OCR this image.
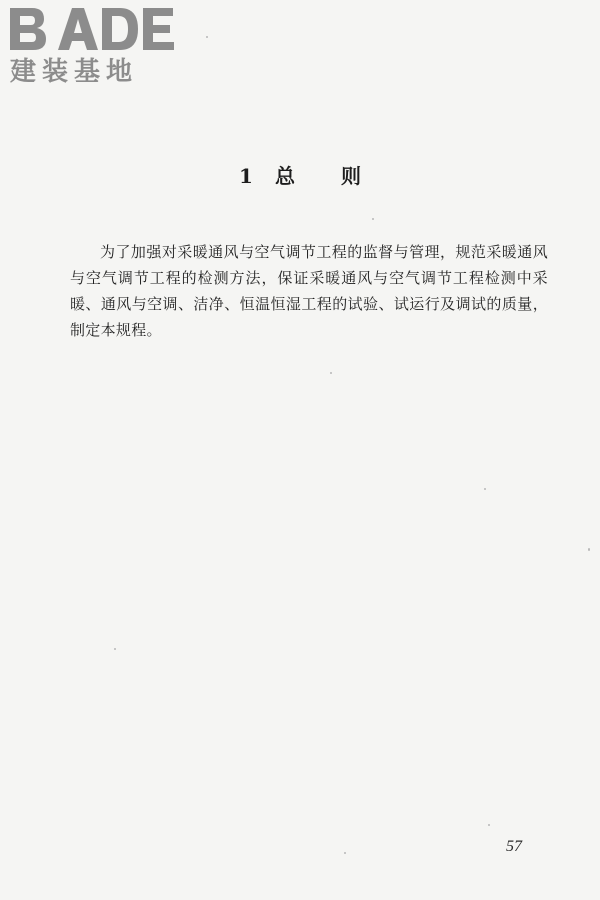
建装基地
1 总 则

为了加强对采暖通风与空气调节工程的监督与管理，规范采暖通风与空气调节工程的检测方法，保证采暖通风与空气调节工程检测中采暖、通风与空调、洁净、恒温恒湿工程的试验、试运行及调试的质量，制定本规程。

57
